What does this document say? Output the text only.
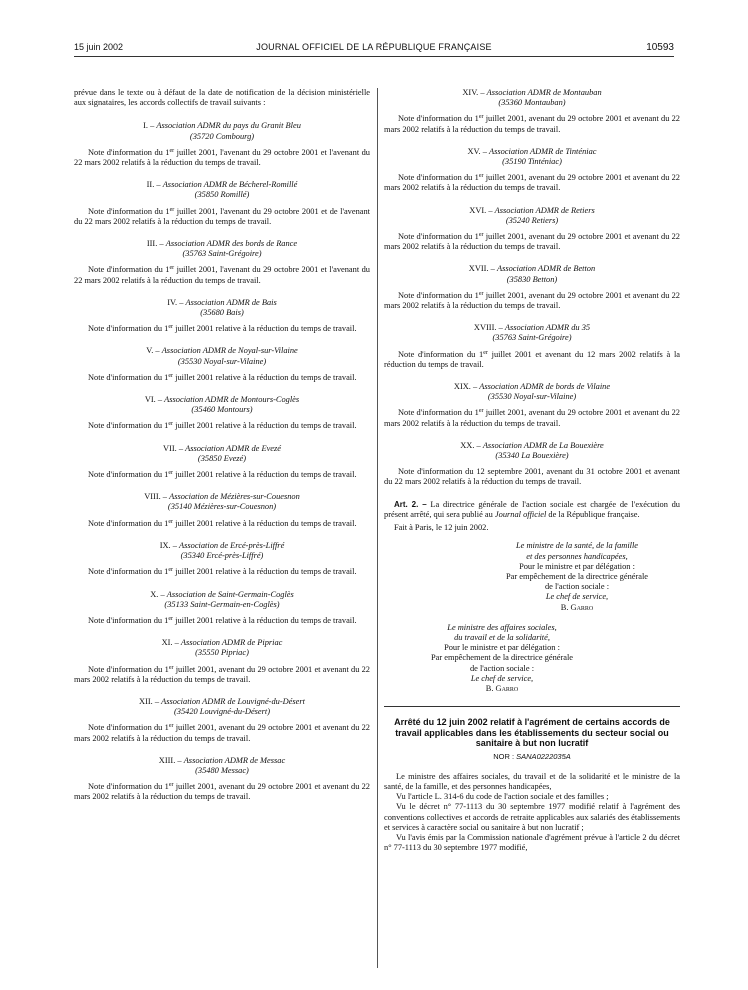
15 juin 2002	JOURNAL OFFICIEL DE LA RÉPUBLIQUE FRANÇAISE	10593

prévue dans le texte ou à défaut de la date de notification de la décision ministérielle aux signataires, les accords collectifs de travail suivants :

I. – Association ADMR du pays du Granit Bleu

(35720 Combourg)

Note d'information du 1er juillet 2001, l'avenant du 29 octobre 2001 et l'avenant du 22 mars 2002 relatifs à la réduction du temps de travail.

II. – Association ADMR de Bécherel-Romillé

(35850 Romillé)

Note d'information du 1er juillet 2001, l'avenant du 29 octobre 2001 et de l'avenant du 22 mars 2002 relatifs à la réduction du temps de travail.

III. – Association ADMR des bords de Rance

(35763 Saint-Grégoire)

Note d'information du 1er juillet 2001, l'avenant du 29 octobre 2001 et l'avenant du 22 mars 2002 relatifs à la réduction du temps de travail.

IV. – Association ADMR de Bais

(35680 Bais)

Note d'information du 1er juillet 2001 relative à la réduction du temps de travail.

V. – Association ADMR de Noyal-sur-Vilaine

(35530 Noyal-sur-Vilaine)

Note d'information du 1er juillet 2001 relative à la réduction du temps de travail.

VI. – Association ADMR de Montours-Coglès

(35460 Montours)

Note d'information du 1er juillet 2001 relative à la réduction du temps de travail.

VII. – Association ADMR de Evezé

(35850 Evezé)

Note d'information du 1er juillet 2001 relative à la réduction du temps de travail.

VIII. – Association de Mézières-sur-Couesnon

(35140 Mézières-sur-Couesnon)

Note d'information du 1er juillet 2001 relative à la réduction du temps de travail.

IX. – Association de Ercé-près-Liffré

(35340 Ercé-près-Liffré)

Note d'information du 1er juillet 2001 relative à la réduction du temps de travail.

X. – Association de Saint-Germain-Coglès

(35133 Saint-Germain-en-Coglès)

Note d'information du 1er juillet 2001 relative à la réduction du temps de travail.

XI. – Association ADMR de Pipriac

(35550 Pipriac)

Note d'information du 1er juillet 2001, avenant du 29 octobre 2001 et avenant du 22 mars 2002 relatifs à la réduction du temps de travail.

XII. – Association ADMR de Louvigné-du-Désert

(35420 Louvigné-du-Désert)

Note d'information du 1er juillet 2001, avenant du 29 octobre 2001 et avenant du 22 mars 2002 relatifs à la réduction du temps de travail.

XIII. – Association ADMR de Messac

(35480 Messac)

Note d'information du 1er juillet 2001, avenant du 29 octobre 2001 et avenant du 22 mars 2002 relatifs à la réduction du temps de travail.

XIV. – Association ADMR de Montauban

(35360 Montauban)

Note d'information du 1er juillet 2001, avenant du 29 octobre 2001 et avenant du 22 mars 2002 relatifs à la réduction du temps de travail.

XV. – Association ADMR de Tinténiac

(35190 Tinténiac)

Note d'information du 1er juillet 2001, avenant du 29 octobre 2001 et avenant du 22 mars 2002 relatifs à la réduction du temps de travail.

XVI. – Association ADMR de Retiers

(35240 Retiers)

Note d'information du 1er juillet 2001, avenant du 29 octobre 2001 et avenant du 22 mars 2002 relatifs à la réduction du temps de travail.

XVII. – Association ADMR de Betton

(35830 Betton)

Note d'information du 1er juillet 2001, avenant du 29 octobre 2001 et avenant du 22 mars 2002 relatifs à la réduction du temps de travail.

XVIII. – Association ADMR du 35

(35763 Saint-Grégoire)

Note d'information du 1er juillet 2001 et avenant du 12 mars 2002 relatifs à la réduction du temps de travail.

XIX. – Association ADMR de bords de Vilaine

(35530 Noyal-sur-Vilaine)

Note d'information du 1er juillet 2001, avenant du 29 octobre 2001 et avenant du 22 mars 2002 relatifs à la réduction du temps de travail.

XX. – Association ADMR de La Bouexière

(35340 La Bouexière)

Note d'information du 12 septembre 2001, avenant du 31 octobre 2001 et avenant du 22 mars 2002 relatifs à la réduction du temps de travail.

Art. 2. – La directrice générale de l'action sociale est chargée de l'exécution du présent arrêté, qui sera publié au Journal officiel de la République française.

Fait à Paris, le 12 juin 2002.

Le ministre de la santé, de la famille
et des personnes handicapées,
Pour le ministre et par délégation :
Par empêchement de la directrice générale
de l'action sociale :
Le chef de service,
B. Garro
Le ministre des affaires sociales,
du travail et de la solidarité,
Pour le ministre et par délégation :
Par empêchement de la directrice générale
de l'action sociale :
Le chef de service,
B. Garro
Arrêté du 12 juin 2002 relatif à l'agrément de certains accords de travail applicables dans les établissements du secteur social ou sanitaire à but non lucratif
NOR : SANA0222035A

Le ministre des affaires sociales, du travail et de la solidarité et le ministre de la santé, de la famille, et des personnes handicapées,

Vu l'article L. 314-6 du code de l'action sociale et des familles ;

Vu le décret n° 77-1113 du 30 septembre 1977 modifié relatif à l'agrément des conventions collectives et accords de retraite applicables aux salariés des établissements et services à caractère social ou sanitaire à but non lucratif ;

Vu l'avis émis par la Commission nationale d'agrément prévue à l'article 2 du décret n° 77-1113 du 30 septembre 1977 modifié,
